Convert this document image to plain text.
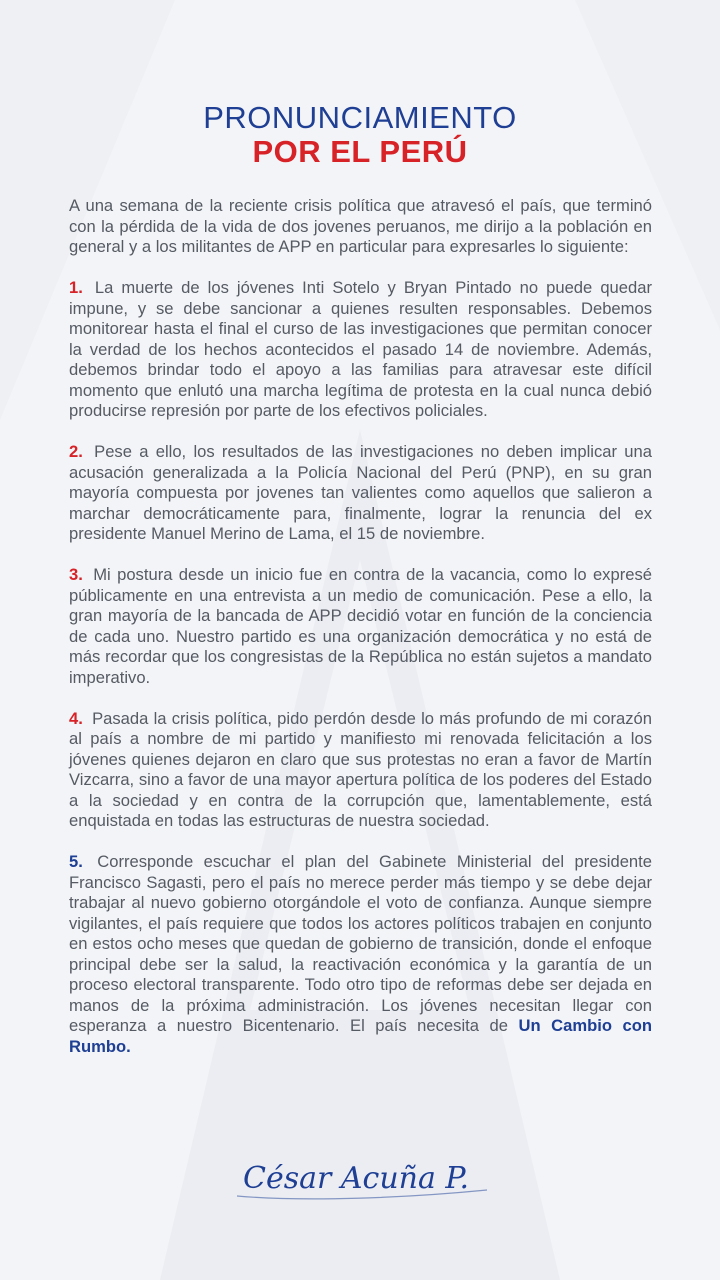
PRONUNCIAMIENTO
POR EL PERÚ

A una semana de la reciente crisis política que atravesó el país, que terminó con la pérdida de la vida de dos jovenes peruanos, me dirijo a la población en general y a los militantes de APP en particular para expresarles lo siguiente:

1. La muerte de los jóvenes Inti Sotelo y Bryan Pintado no puede quedar impune, y se debe sancionar a quienes resulten responsables. Debemos monitorear hasta el final el curso de las investigaciones que permitan conocer la verdad de los hechos acontecidos el pasado 14 de noviembre. Además, debemos brindar todo el apoyo a las familias para atravesar este difícil momento que enlutó una marcha legítima de protesta en la cual nunca debió producirse represión por parte de los efectivos policiales.

2. Pese a ello, los resultados de las investigaciones no deben implicar una acusación generalizada a la Policía Nacional del Perú (PNP), en su gran mayoría compuesta por jovenes tan valientes como aquellos que salieron a marchar democráticamente para, finalmente, lograr la renuncia del ex presidente Manuel Merino de Lama, el 15 de noviembre.

3. Mi postura desde un inicio fue en contra de la vacancia, como lo expresé públicamente en una entrevista a un medio de comunicación. Pese a ello, la gran mayoría de la bancada de APP decidió votar en función de la conciencia de cada uno. Nuestro partido es una organización democrática y no está de más recordar que los congresistas de la República no están sujetos a mandato imperativo.

4. Pasada la crisis política, pido perdón desde lo más profundo de mi corazón al país a nombre de mi partido y manifiesto mi renovada felicitación a los jóvenes quienes dejaron en claro que sus protestas no eran a favor de Martín Vizcarra, sino a favor de una mayor apertura política de los poderes del Estado a la sociedad y en contra de la corrupción que, lamentablemente, está enquistada en todas las estructuras de nuestra sociedad.

5. Corresponde escuchar el plan del Gabinete Ministerial del presidente Francisco Sagasti, pero el país no merece perder más tiempo y se debe dejar trabajar al nuevo gobierno otorgándole el voto de confianza. Aunque siempre vigilantes, el país requiere que todos los actores políticos trabajen en conjunto en estos ocho meses que quedan de gobierno de transición, donde el enfoque principal debe ser la salud, la reactivación económica y la garantía de un proceso electoral transparente. Todo otro tipo de reformas debe ser dejada en manos de la próxima administración. Los jóvenes necesitan llegar con esperanza a nuestro Bicentenario. El país necesita de Un Cambio con Rumbo.

César Acuña P.
